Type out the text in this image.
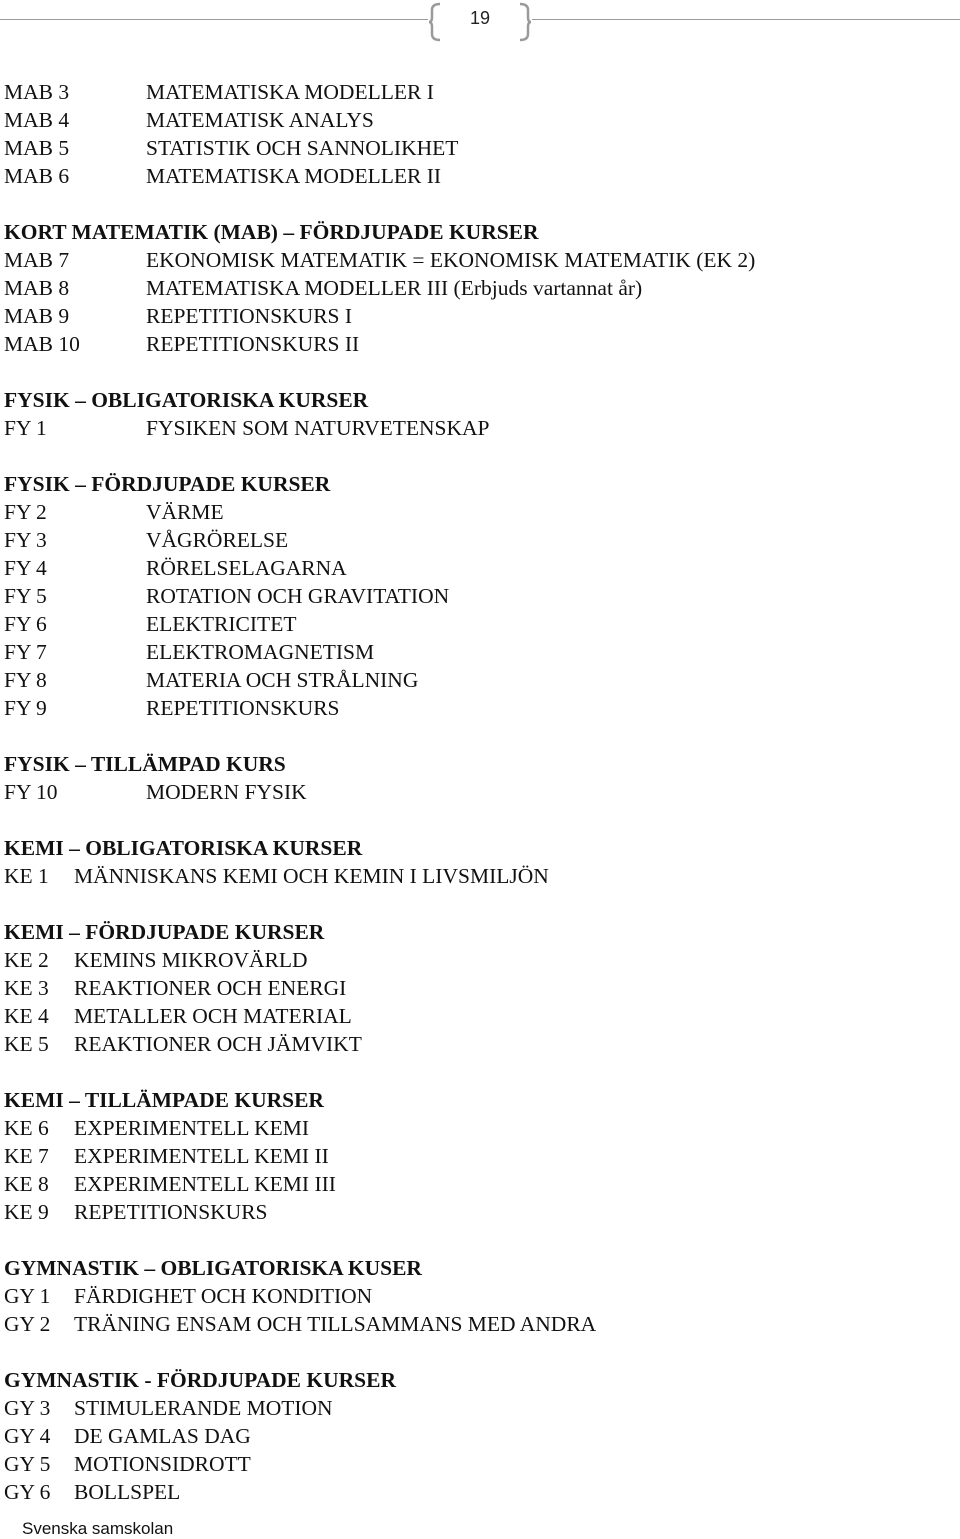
19
MAB 3	MATEMATISKA MODELLER I
MAB 4	MATEMATISK ANALYS
MAB 5	STATISTIK OCH SANNOLIKHET
MAB 6	MATEMATISKA MODELLER II
KORT MATEMATIK (MAB) – FÖRDJUPADE KURSER
MAB 7	EKONOMISK MATEMATIK = EKONOMISK MATEMATIK (EK 2)
MAB 8	MATEMATISKA MODELLER III (Erbjuds vartannat år)
MAB 9	REPETITIONSKURS I
MAB 10	REPETITIONSKURS II
FYSIK – OBLIGATORISKA KURSER
FY 1	FYSIKEN SOM NATURVETENSKAP
FYSIK – FÖRDJUPADE KURSER
FY 2	VÄRME
FY 3	VÅGRÖRELSE
FY 4	RÖRELSELAGARNA
FY 5	ROTATION OCH GRAVITATION
FY 6	ELEKTRICITET
FY 7	ELEKTROMAGNETISM
FY 8	MATERIA OCH STRÅLNING
FY 9	REPETITIONSKURS
FYSIK – TILLÄMPAD KURS
FY 10	MODERN FYSIK
KEMI – OBLIGATORISKA KURSER
KE 1 MÄNNISKANS KEMI OCH KEMIN I LIVSMILJÖN
KEMI – FÖRDJUPADE KURSER
KE 2 KEMINS MIKROVÄRLD
KE 3 REAKTIONER OCH ENERGI
KE 4 METALLER OCH MATERIAL
KE 5 REAKTIONER OCH JÄMVIKT
KEMI – TILLÄMPADE KURSER
KE 6 EXPERIMENTELL KEMI
KE 7 EXPERIMENTELL KEMI II
KE 8 EXPERIMENTELL KEMI III
KE 9 REPETITIONSKURS
GYMNASTIK – OBLIGATORISKA KUSER
GY 1 FÄRDIGHET OCH KONDITION
GY 2 TRÄNING ENSAM OCH TILLSAMMANS MED ANDRA
GYMNASTIK - FÖRDJUPADE KURSER
GY 3 STIMULERANDE MOTION
GY 4 DE GAMLAS DAG
GY 5 MOTIONSIDROTT
GY 6 BOLLSPEL
Svenska samskolan
